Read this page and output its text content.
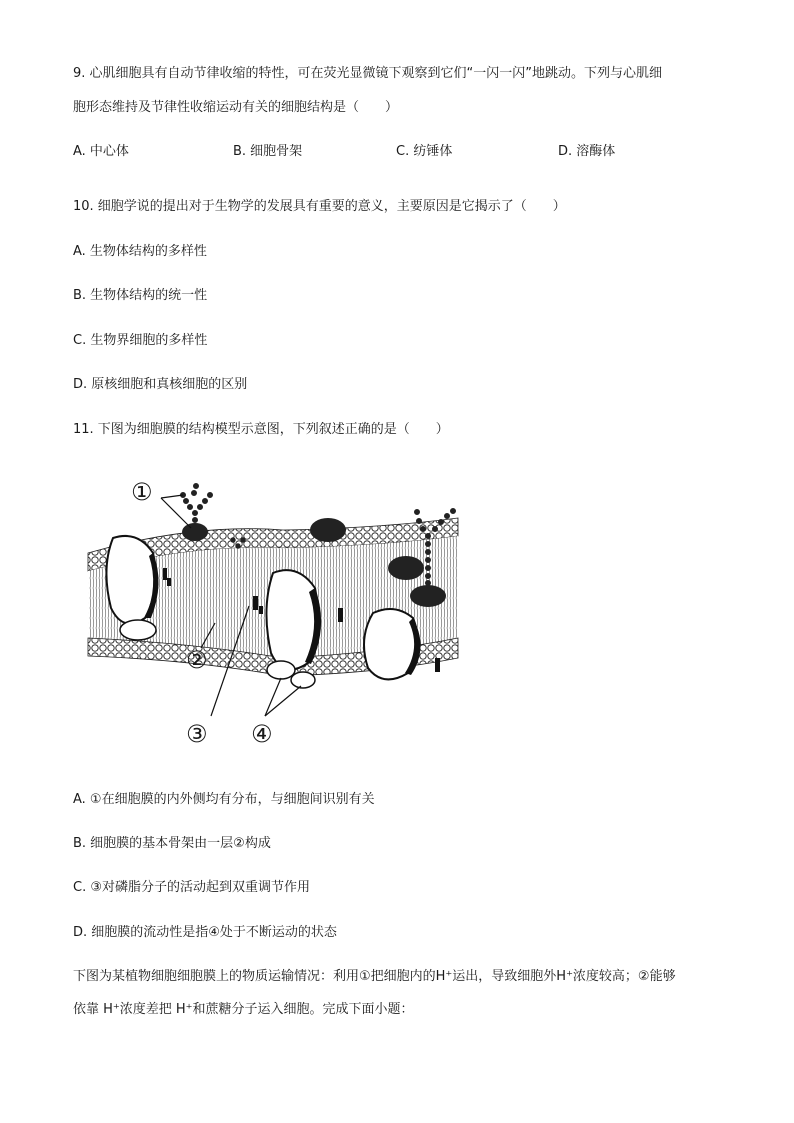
9. 心肌细胞具有自动节律收缩的特性，可在荧光显微镜下观察到它们“一闪一闪”地跳动。下列与心肌细
胞形态维持及节律性收缩运动有关的细胞结构是（　　）
A. 中心体	B. 细胞骨架	C. 纺锤体	D. 溶酶体
10. 细胞学说的提出对于生物学的发展具有重要的意义，主要原因是它揭示了（　　）
A. 生物体结构的多样性
B. 生物体结构的统一性
C. 生物界细胞的多样性
D. 原核细胞和真核细胞的区别
11. 下图为细胞膜的结构模型示意图，下列叙述正确的是（　　）
①
②
③ ④
A. ①在细胞膜的内外侧均有分布，与细胞间识别有关
B. 细胞膜的基本骨架由一层②构成
C. ③对磷脂分子的活动起到双重调节作用
D. 细胞膜的流动性是指④处于不断运动的状态
下图为某植物细胞细胞膜上的物质运输情况：利用①把细胞内的H⁺运出，导致细胞外H⁺浓度较高；②能够
依靠 H⁺浓度差把 H⁺和蔗糖分子运入细胞。完成下面小题：
